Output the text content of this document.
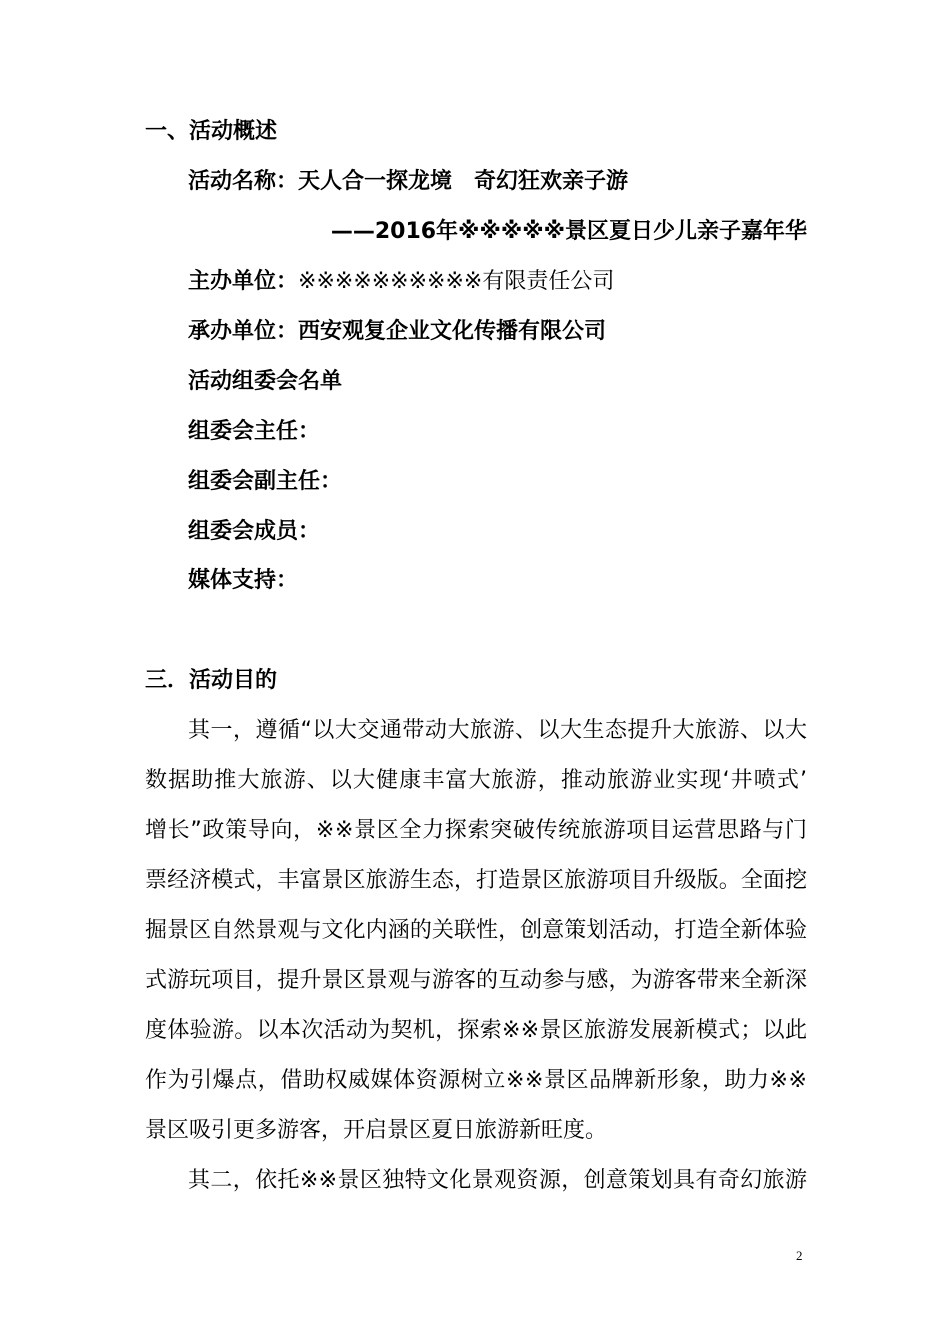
一、活动概述
活动名称：天人合一探龙境　奇幻狂欢亲子游
——2016年※※※※※景区夏日少儿亲子嘉年华
主办单位：※※※※※※※※※※有限责任公司
承办单位：西安观复企业文化传播有限公司
活动组委会名单
组委会主任：
组委会副主任：
组委会成员：
媒体支持：
三．活动目的
其一，遵循“以大交通带动大旅游、以大生态提升大旅游、以大
数据助推大旅游、以大健康丰富大旅游，推动旅游业实现‘井喷式’
增长”政策导向，※※景区全力探索突破传统旅游项目运营思路与门
票经济模式，丰富景区旅游生态，打造景区旅游项目升级版。全面挖
掘景区自然景观与文化内涵的关联性，创意策划活动，打造全新体验
式游玩项目，提升景区景观与游客的互动参与感，为游客带来全新深
度体验游。以本次活动为契机，探索※※景区旅游发展新模式；以此
作为引爆点，借助权威媒体资源树立※※景区品牌新形象，助力※※
景区吸引更多游客，开启景区夏日旅游新旺度。
其二，依托※※景区独特文化景观资源，创意策划具有奇幻旅游
2
